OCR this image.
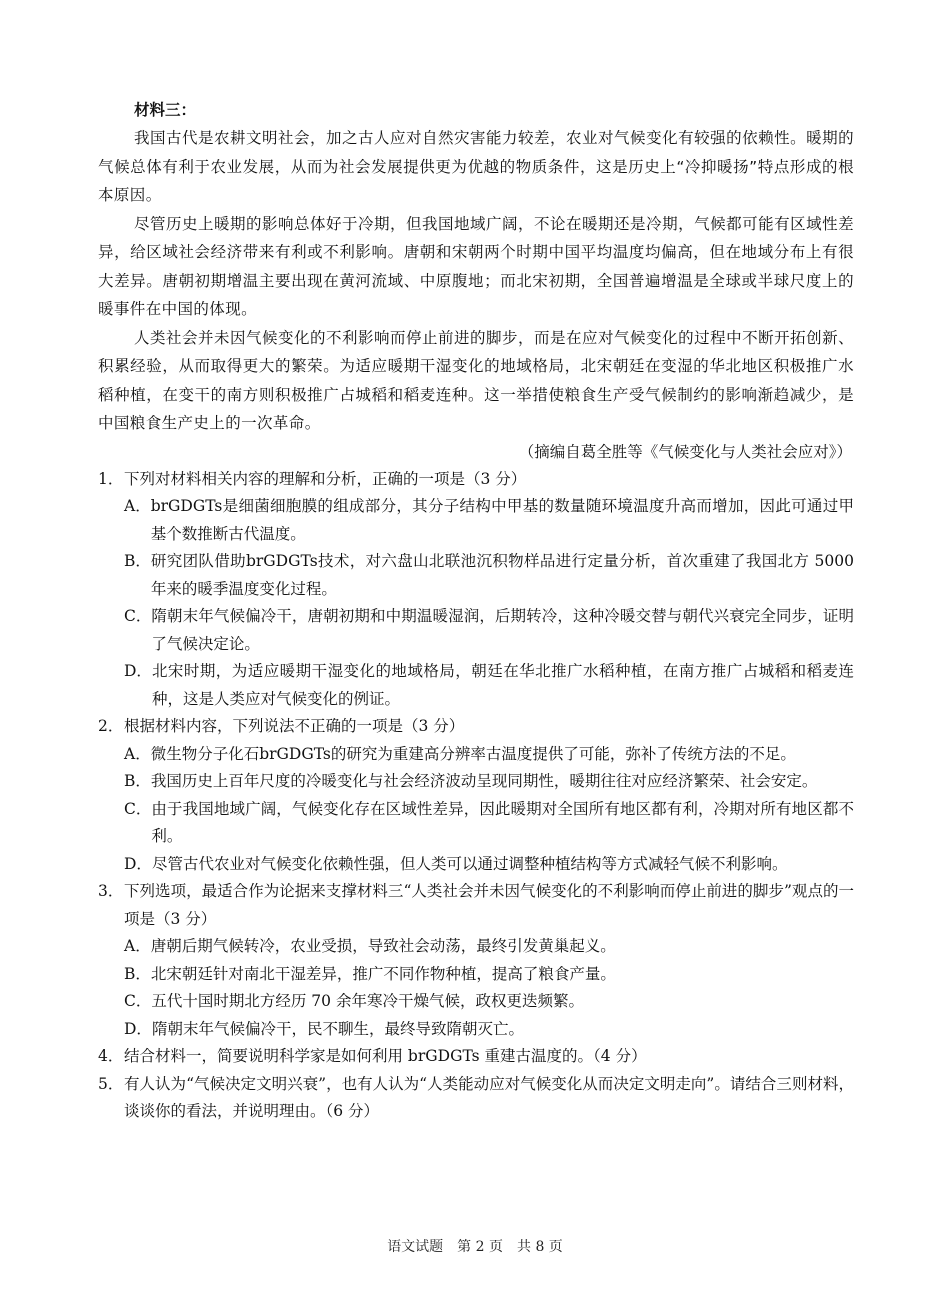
材料三：

我国古代是农耕文明社会，加之古人应对自然灾害能力较差，农业对气候变化有较强的依赖性。暖期的气候总体有利于农业发展，从而为社会发展提供更为优越的物质条件，这是历史上“冷抑暖扬”特点形成的根本原因。

尽管历史上暖期的影响总体好于冷期，但我国地域广阔，不论在暖期还是冷期，气候都可能有区域性差异，给区域社会经济带来有利或不利影响。唐朝和宋朝两个时期中国平均温度均偏高，但在地域分布上有很大差异。唐朝初期增温主要出现在黄河流域、中原腹地；而北宋初期，全国普遍增温是全球或半球尺度上的暖事件在中国的体现。

人类社会并未因气候变化的不利影响而停止前进的脚步，而是在应对气候变化的过程中不断开拓创新、积累经验，从而取得更大的繁荣。为适应暖期干湿变化的地域格局，北宋朝廷在变湿的华北地区积极推广水稻种植，在变干的南方则积极推广占城稻和稻麦连种。这一举措使粮食生产受气候制约的影响渐趋减少，是中国粮食生产史上的一次革命。

（摘编自葛全胜等《气候变化与人类社会应对》）
1． 下列对材料相关内容的理解和分析，正确的一项是（3 分）
A． brGDGTs是细菌细胞膜的组成部分，其分子结构中甲基的数量随环境温度升高而增加，因此可通过甲基个数推断古代温度。
B． 研究团队借助brGDGTs技术，对六盘山北联池沉积物样品进行定量分析，首次重建了我国北方 5000 年来的暖季温度变化过程。
C． 隋朝末年气候偏冷干，唐朝初期和中期温暖湿润，后期转冷，这种冷暖交替与朝代兴衰完全同步，证明了气候决定论。
D． 北宋时期，为适应暖期干湿变化的地域格局，朝廷在华北推广水稻种植，在南方推广占城稻和稻麦连种，这是人类应对气候变化的例证。
2． 根据材料内容，下列说法不正确的一项是（3 分）
A． 微生物分子化石brGDGTs的研究为重建高分辨率古温度提供了可能，弥补了传统方法的不足。
B． 我国历史上百年尺度的冷暖变化与社会经济波动呈现同期性，暖期往往对应经济繁荣、社会安定。
C． 由于我国地域广阔，气候变化存在区域性差异，因此暖期对全国所有地区都有利，冷期对所有地区都不利。
D． 尽管古代农业对气候变化依赖性强，但人类可以通过调整种植结构等方式减轻气候不利影响。
3． 下列选项，最适合作为论据来支撑材料三“人类社会并未因气候变化的不利影响而停止前进的脚步”观点的一项是（3 分）
A． 唐朝后期气候转冷，农业受损，导致社会动荡，最终引发黄巢起义。
B． 北宋朝廷针对南北干湿差异，推广不同作物种植，提高了粮食产量。
C． 五代十国时期北方经历 70 余年寒冷干燥气候，政权更迭频繁。
D． 隋朝末年气候偏冷干，民不聊生，最终导致隋朝灭亡。
4． 结合材料一，简要说明科学家是如何利用 brGDGTs 重建古温度的。（4 分）
5． 有人认为“气候决定文明兴衰”，也有人认为“人类能动应对气候变化从而决定文明走向”。请结合三则材料，谈谈你的看法，并说明理由。（6 分）
语文试题　第 2 页　共 8 页
